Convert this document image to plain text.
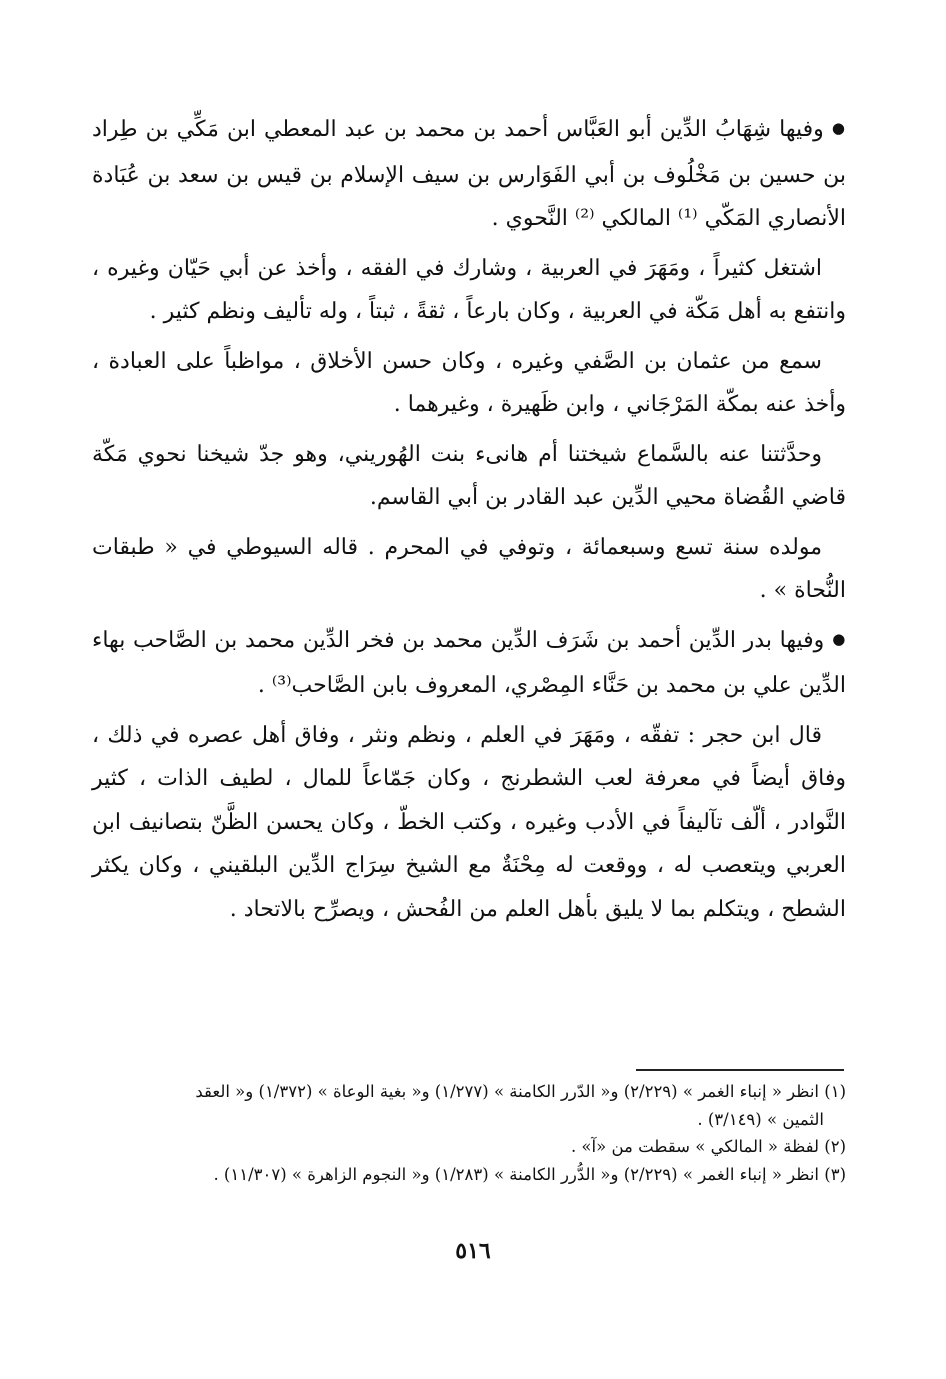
● وفيها شِهَابُ الدِّين أبو العَبَّاس أحمد بن محمد بن عبد المعطي ابن مَكِّي بن طِراد بن حسين بن مَخْلُوف بن أبي الفَوَارس بن سيف الإسلام بن قيس بن سعد بن عُبَادة الأنصاري المَكّي ⁽¹⁾ المالكي ⁽²⁾ النَّحوي .

اشتغل كثيراً ، ومَهَرَ في العربية ، وشارك في الفقه ، وأخذ عن أبي حَيّان وغيره ، وانتفع به أهل مَكّة في العربية ، وكان بارعاً ، ثقةً ، ثبتاً ، وله تأليف ونظم كثير .

سمع من عثمان بن الصَّفي وغيره ، وكان حسن الأخلاق ، مواظباً على العبادة ، وأخذ عنه بمكّة المَرْجَاني ، وابن ظَهيرة ، وغيرهما .

وحدَّثتنا عنه بالسَّماع شيختنا أم هانىء بنت الهُوريني، وهو جدّ شيخنا نحوي مَكّة قاضي القُضاة محيي الدِّين عبد القادر بن أبي القاسم.

مولده سنة تسع وسبعمائة ، وتوفي في المحرم . قاله السيوطي في « طبقات النُّحاة » .

● وفيها بدر الدِّين أحمد بن شَرَف الدِّين محمد بن فخر الدِّين محمد بن الصَّاحب بهاء الدِّين علي بن محمد بن حَنَّاء المِصْري، المعروف بابن الصَّاحب⁽³⁾ .

قال ابن حجر : تفقّه ، ومَهَرَ في العلم ، ونظم ونثر ، وفاق أهل عصره في ذلك ، وفاق أيضاً في معرفة لعب الشطرنج ، وكان جَمّاعاً للمال ، لطيف الذات ، كثير النَّوادر ، ألّف تآليفاً في الأدب وغيره ، وكتب الخطّ ، وكان يحسن الظَّنّ بتصانيف ابن العربي ويتعصب له ، ووقعت له مِحْنَةٌ مع الشيخ سِرَاج الدِّين البلقيني ، وكان يكثر الشطح ، ويتكلم بما لا يليق بأهل العلم من الفُحش ، ويصرِّح بالاتحاد .

(١) انظر « إنباء الغمر » (٢/٢٢٩) و« الدّرر الكامنة » (١/٢٧٧) و« بغية الوعاة » (١/٣٧٢) و« العقد
الثمين » (٣/١٤٩) .

(٢) لفظة « المالكي » سقطت من «آ» .

(٣) انظر « إنباء الغمر » (٢/٢٢٩) و« الدُّرر الكامنة » (١/٢٨٣) و« النجوم الزاهرة » (١١/٣٠٧) .

٥١٦
